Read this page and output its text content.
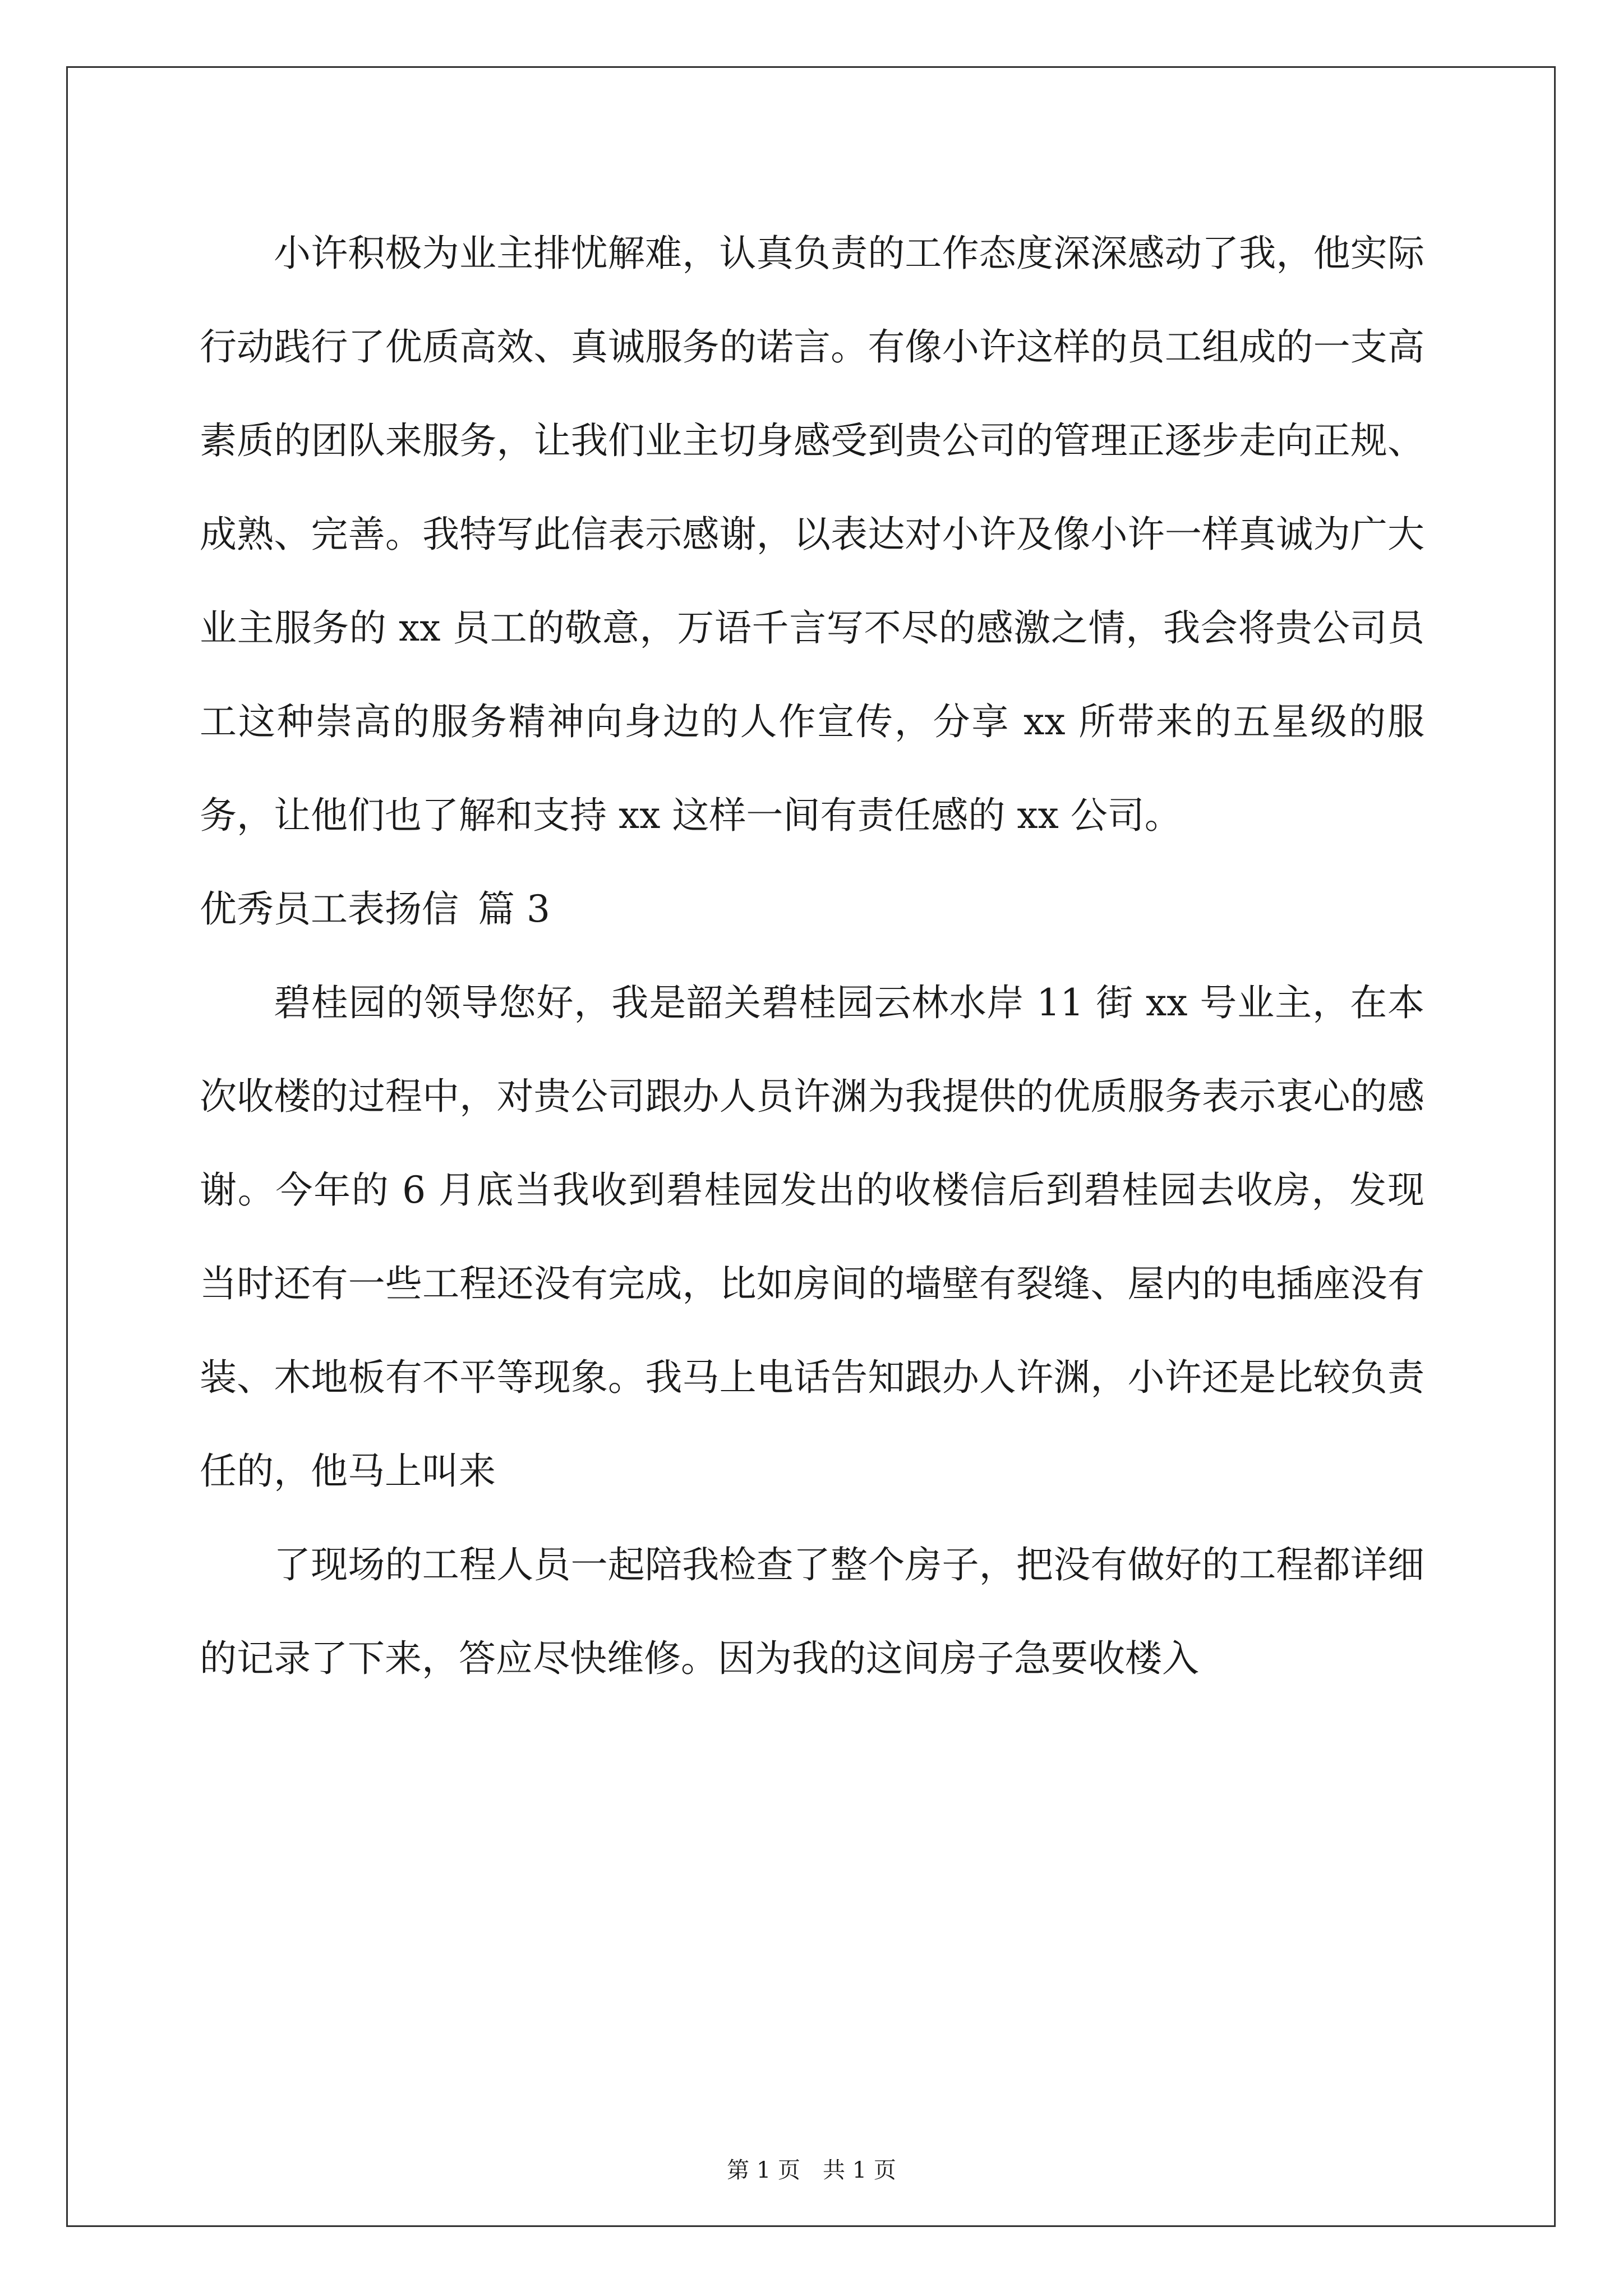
小许积极为业主排忧解难，认真负责的工作态度深深感动了我，他实际行动践行了优质高效、真诚服务的诺言。有像小许这样的员工组成的一支高素质的团队来服务，让我们业主切身感受到贵公司的管理正逐步走向正规、成熟、完善。我特写此信表示感谢，以表达对小许及像小许一样真诚为广大业主服务的 xx 员工的敬意，万语千言写不尽的感激之情，我会将贵公司员工这种崇高的服务精神向身边的人作宣传，分享 xx 所带来的五星级的服务，让他们也了解和支持 xx 这样一间有责任感的 xx 公司。

优秀员工表扬信 篇 3

碧桂园的领导您好，我是韶关碧桂园云林水岸 11 街 xx 号业主，在本次收楼的过程中，对贵公司跟办人员许渊为我提供的优质服务表示衷心的感谢。今年的 6 月底当我收到碧桂园发出的收楼信后到碧桂园去收房，发现当时还有一些工程还没有完成，比如房间的墙壁有裂缝、屋内的电插座没有装、木地板有不平等现象。我马上电话告知跟办人许渊，小许还是比较负责任的，他马上叫来

了现场的工程人员一起陪我检查了整个房子，把没有做好的工程都详细的记录了下来，答应尽快维修。因为我的这间房子急要收楼入

第 1 页 共 1 页
